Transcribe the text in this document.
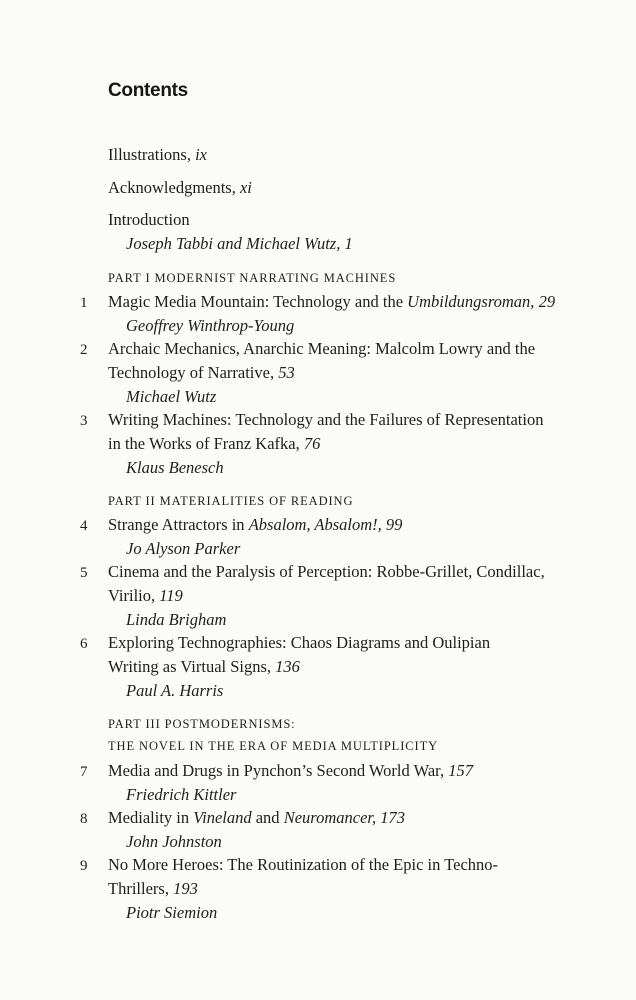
Contents
Illustrations, ix
Acknowledgments, xi
Introduction
Joseph Tabbi and Michael Wutz, 1
PART I MODERNIST NARRATING MACHINES
1 Magic Media Mountain: Technology and the Umbildungsroman, 29
Geoffrey Winthrop-Young
2 Archaic Mechanics, Anarchic Meaning: Malcolm Lowry and the
Technology of Narrative, 53
Michael Wutz
3 Writing Machines: Technology and the Failures of Representation
in the Works of Franz Kafka, 76
Klaus Benesch
PART II MATERIALITIES OF READING
4 Strange Attractors in Absalom, Absalom!, 99
Jo Alyson Parker
5 Cinema and the Paralysis of Perception: Robbe-Grillet, Condillac,
Virilio, 119
Linda Brigham
6 Exploring Technographies: Chaos Diagrams and Oulipian
Writing as Virtual Signs, 136
Paul A. Harris
PART III POSTMODERNISMS:
THE NOVEL IN THE ERA OF MEDIA MULTIPLICITY
7 Media and Drugs in Pynchon’s Second World War, 157
Friedrich Kittler
8 Mediality in Vineland and Neuromancer, 173
John Johnston
9 No More Heroes: The Routinization of the Epic in Techno-
Thrillers, 193
Piotr Siemion
